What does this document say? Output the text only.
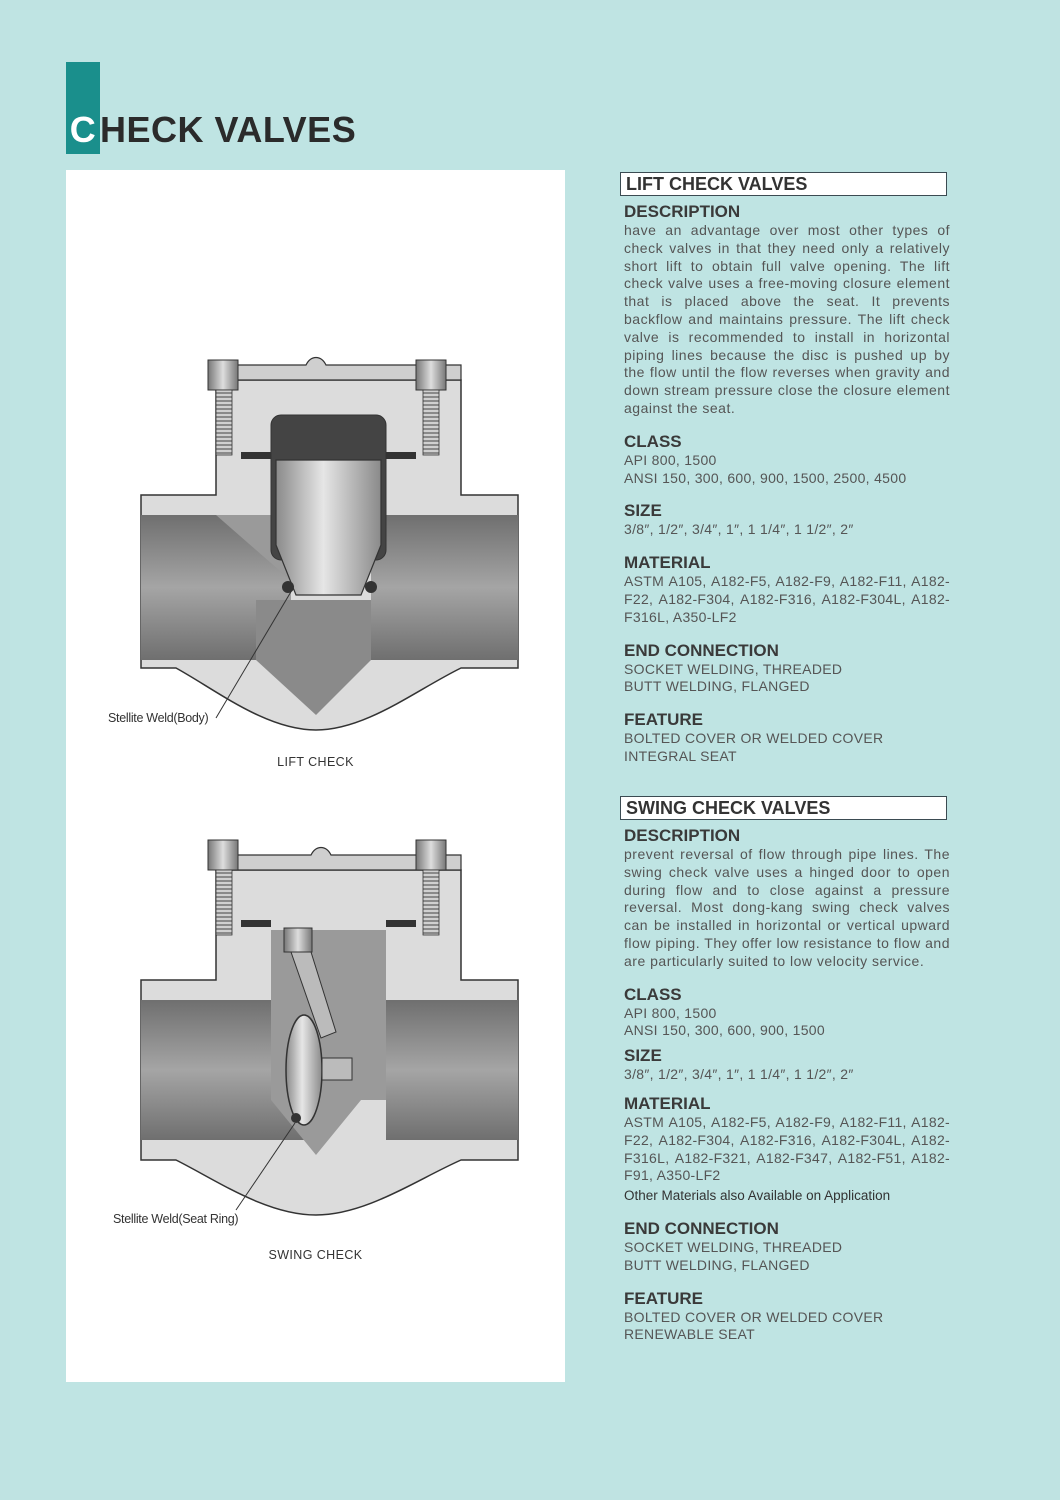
C HECK VALVES
Stellite Weld(Body)
LIFT CHECK
Stellite Weld(Seat Ring)
SWING CHECK
LIFT CHECK VALVES
DESCRIPTION
have an advantage over most other types of check valves in that they need only a relatively short lift to obtain full valve opening. The lift check valve uses a free-moving closure element that is placed above the seat. It prevents backflow and maintains pressure. The lift check valve is recommended to install in horizontal piping lines because the disc is pushed up by the flow until the flow reverses when gravity and down stream pressure close the closure element against the seat.
CLASS
API 800, 1500
ANSI 150, 300, 600, 900, 1500, 2500, 4500
SIZE
3/8″, 1/2″, 3/4″, 1″, 1 1/4″, 1 1/2″, 2″
MATERIAL
ASTM A105, A182-F5, A182-F9, A182-F11, A182-F22, A182-F304, A182-F316, A182-F304L, A182-F316L, A350-LF2
END CONNECTION
SOCKET WELDING, THREADED
BUTT WELDING, FLANGED
FEATURE
BOLTED COVER OR WELDED COVER
INTEGRAL SEAT
SWING CHECK VALVES
DESCRIPTION
prevent reversal of flow through pipe lines. The swing check valve uses a hinged door to open during flow and to close against a pressure reversal. Most dong-kang swing check valves can be installed in horizontal or vertical upward flow piping. They offer low resistance to flow and are particularly suited to low velocity service.
CLASS
API 800, 1500
ANSI 150, 300, 600, 900, 1500
SIZE
3/8″, 1/2″, 3/4″, 1″, 1 1/4″, 1 1/2″, 2″
MATERIAL
ASTM A105, A182-F5, A182-F9, A182-F11, A182-F22, A182-F304, A182-F316, A182-F304L, A182-F316L, A182-F321, A182-F347, A182-F51, A182-F91, A350-LF2
Other Materials also Available on Application
END CONNECTION
SOCKET WELDING, THREADED
BUTT WELDING, FLANGED
FEATURE
BOLTED COVER OR WELDED COVER
RENEWABLE SEAT
